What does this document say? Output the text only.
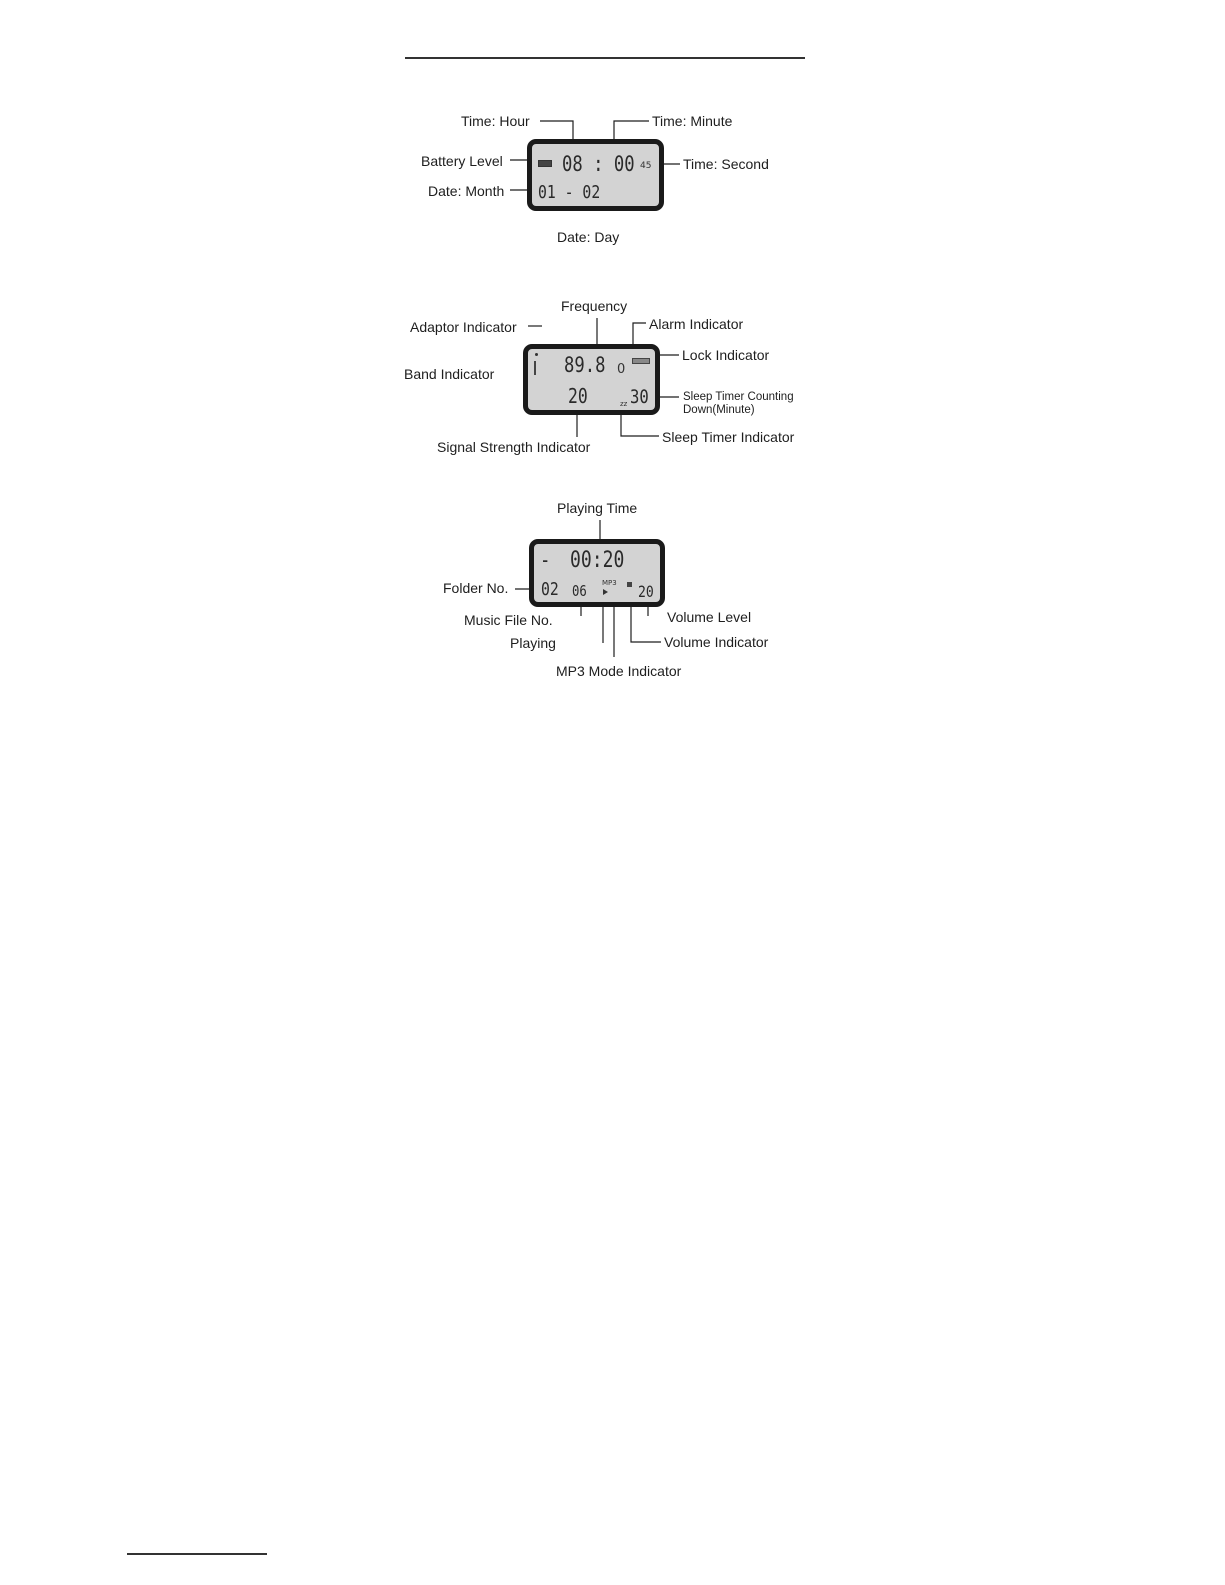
Time: Hour	Time: Minute
Battery Level	Time: Second
Date: Month
Date: Day
08 : 00 45
01 - 02
Frequency
Adaptor Indicator	Alarm Indicator
Band Indicator
Lock Indicator
Sleep Timer Counting
Down(Minute)
Sleep Timer Indicator
Signal Strength Indicator
89.8 0
20	zz 30
Playing Time
Folder No.
Music File No.	Volume Level
Playing	Volume Indicator
MP3 Mode Indicator
- 00:20
02 06 MP3 20
